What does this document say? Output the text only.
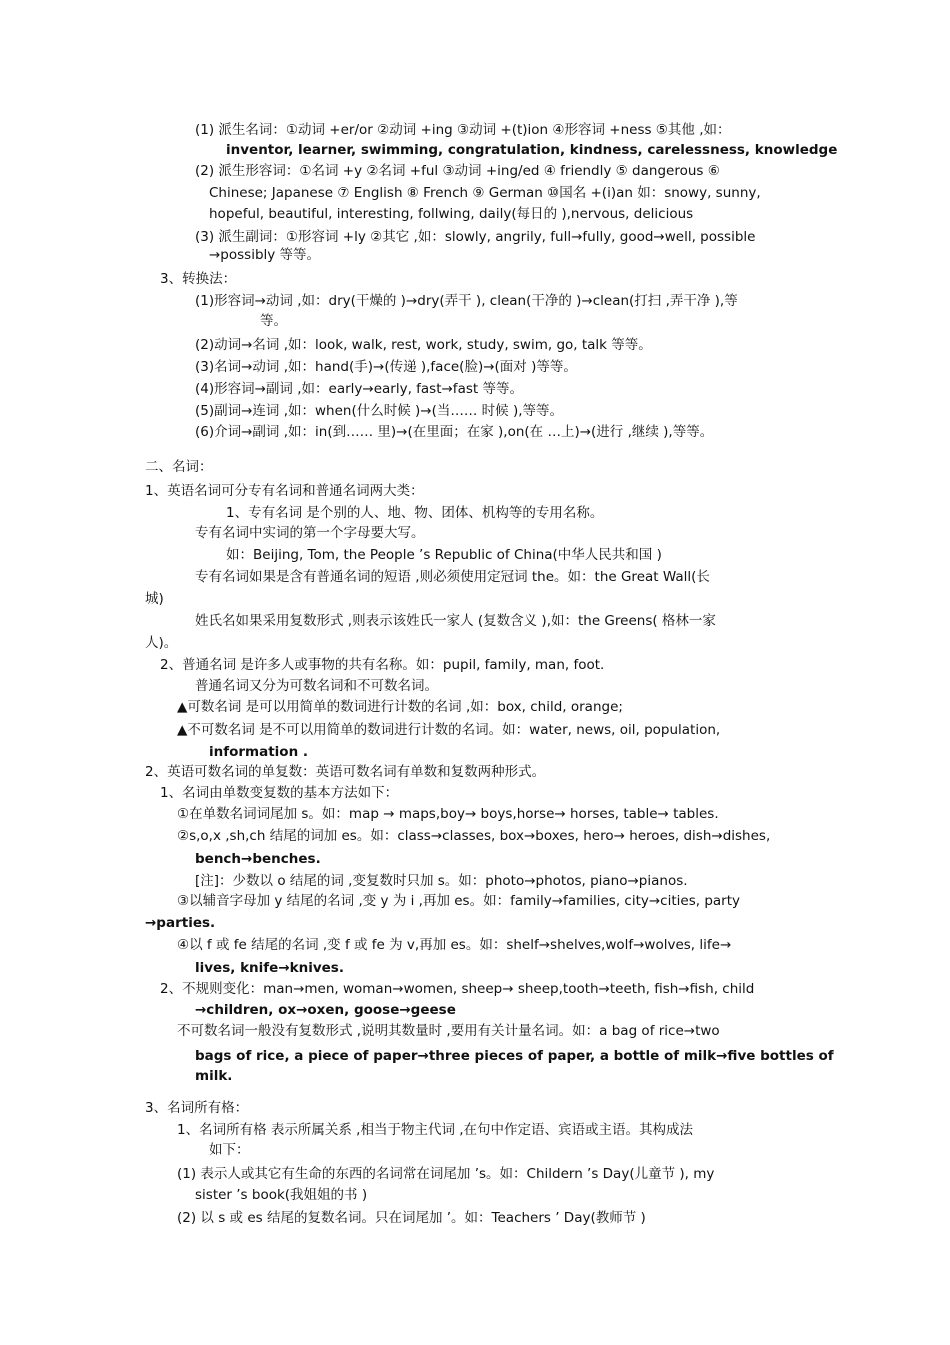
(1) 派生名词：①动词 +er/or ②动词 +ing ③动词 +(t)ion ④形容词 +ness ⑤其他 ,如：
inventor, learner, swimming, congratulation, kindness, carelessness, knowledge
(2) 派生形容词：①名词 +y ②名词 +ful ③动词 +ing/ed ④ friendly ⑤ dangerous ⑥
Chinese; Japanese ⑦ English ⑧ French ⑨ German ⑩国名 +(i)an 如：snowy, sunny,
hopeful, beautiful, interesting, follwing, daily(每日的 ),nervous, delicious
(3) 派生副词：①形容词 +ly ②其它 ,如：slowly, angrily, full→fully, good→well, possible
→possibly 等等。
3、转换法：
(1)形容词→动词 ,如：dry(干燥的 )→dry(弄干 ), clean(干净的 )→clean(打扫 ,弄干净 ),等
等。
(2)动词→名词 ,如：look, walk, rest, work, study, swim, go, talk 等等。
(3)名词→动词 ,如：hand(手)→(传递 ),face(脸)→(面对 )等等。
(4)形容词→副词 ,如：early→early, fast→fast 等等。
(5)副词→连词 ,如：when(什么时候 )→(当…… 时候 ),等等。
(6)介词→副词 ,如：in(到…… 里)→(在里面；在家 ),on(在 …上)→(进行 ,继续 ),等等。
二、名词：
1、英语名词可分专有名词和普通名词两大类：
1、专有名词 是个别的人、地、物、团体、机构等的专用名称。
专有名词中实词的第一个字母要大写。
如：Beijing, Tom, the People ’s Republic of China(中华人民共和国 )
专有名词如果是含有普通名词的短语 ,则必须使用定冠词 the。如：the Great Wall(长
城)
姓氏名如果采用复数形式 ,则表示该姓氏一家人 (复数含义 ),如：the Greens( 格林一家
人)。
2、普通名词 是许多人或事物的共有名称。如：pupil, family, man, foot.
普通名词又分为可数名词和不可数名词。
▲可数名词 是可以用简单的数词进行计数的名词 ,如：box, child, orange;
▲不可数名词 是不可以用简单的数词进行计数的名词。如：water, news, oil, population,
information .
2、英语可数名词的单复数：英语可数名词有单数和复数两种形式。
1、名词由单数变复数的基本方法如下：
①在单数名词词尾加 s。如：map → maps,boy→ boys,horse→ horses, table→ tables.
②s,o,x ,sh,ch 结尾的词加 es。如：class→classes, box→boxes, hero→ heroes, dish→dishes,
bench→benches.
[注]：少数以 o 结尾的词 ,变复数时只加 s。如：photo→photos, piano→pianos.
③以辅音字母加 y 结尾的名词 ,变 y 为 i ,再加 es。如：family→families, city→cities, party
→parties.
④以 f 或 fe 结尾的名词 ,变 f 或 fe 为 v,再加 es。如：shelf→shelves,wolf→wolves, life→
lives, knife→knives.
2、不规则变化：man→men, woman→women, sheep→ sheep,tooth→teeth, fish→fish, child
→children, ox→oxen, goose→geese
不可数名词一般没有复数形式 ,说明其数量时 ,要用有关计量名词。如：a bag of rice→two
bags of rice, a piece of paper→three pieces of paper, a bottle of milk→five bottles of
milk.
3、名词所有格：
1、名词所有格 表示所属关系 ,相当于物主代词 ,在句中作定语、宾语或主语。其构成法
如下：
(1) 表示人或其它有生命的东西的名词常在词尾加 ’s。如：Childern ’s Day(儿童节 ), my
sister ’s book(我姐姐的书 )
(2) 以 s 或 es 结尾的复数名词。只在词尾加 ’。如：Teachers ’ Day(教师节 )
